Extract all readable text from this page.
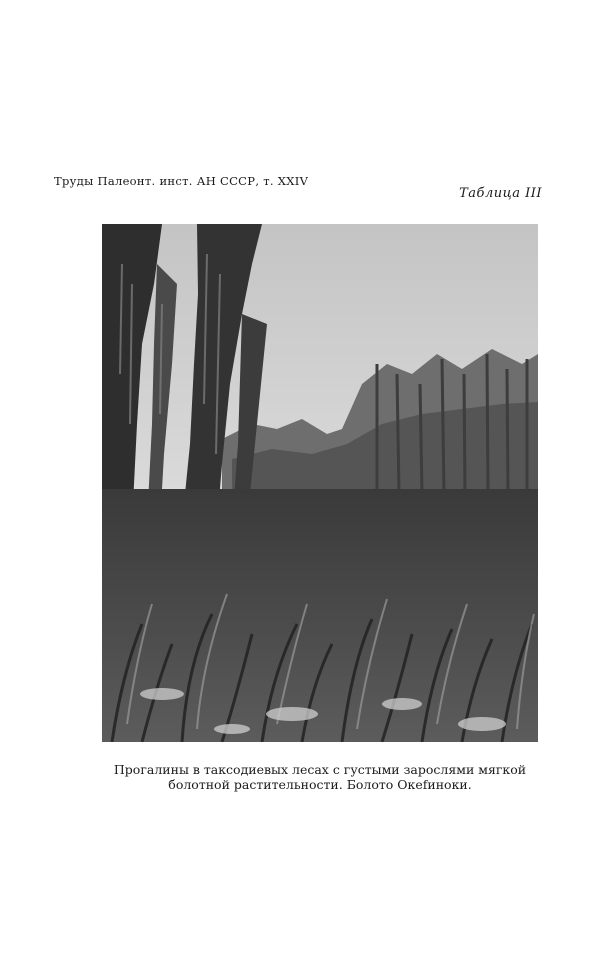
Труды Палеонт. инст. АН СССР, т. XXIV
Таблица III
Прогалины в таксодиевых лесах с густыми зарослями мягкой
болотной растительности. Болото Океfиноки.
